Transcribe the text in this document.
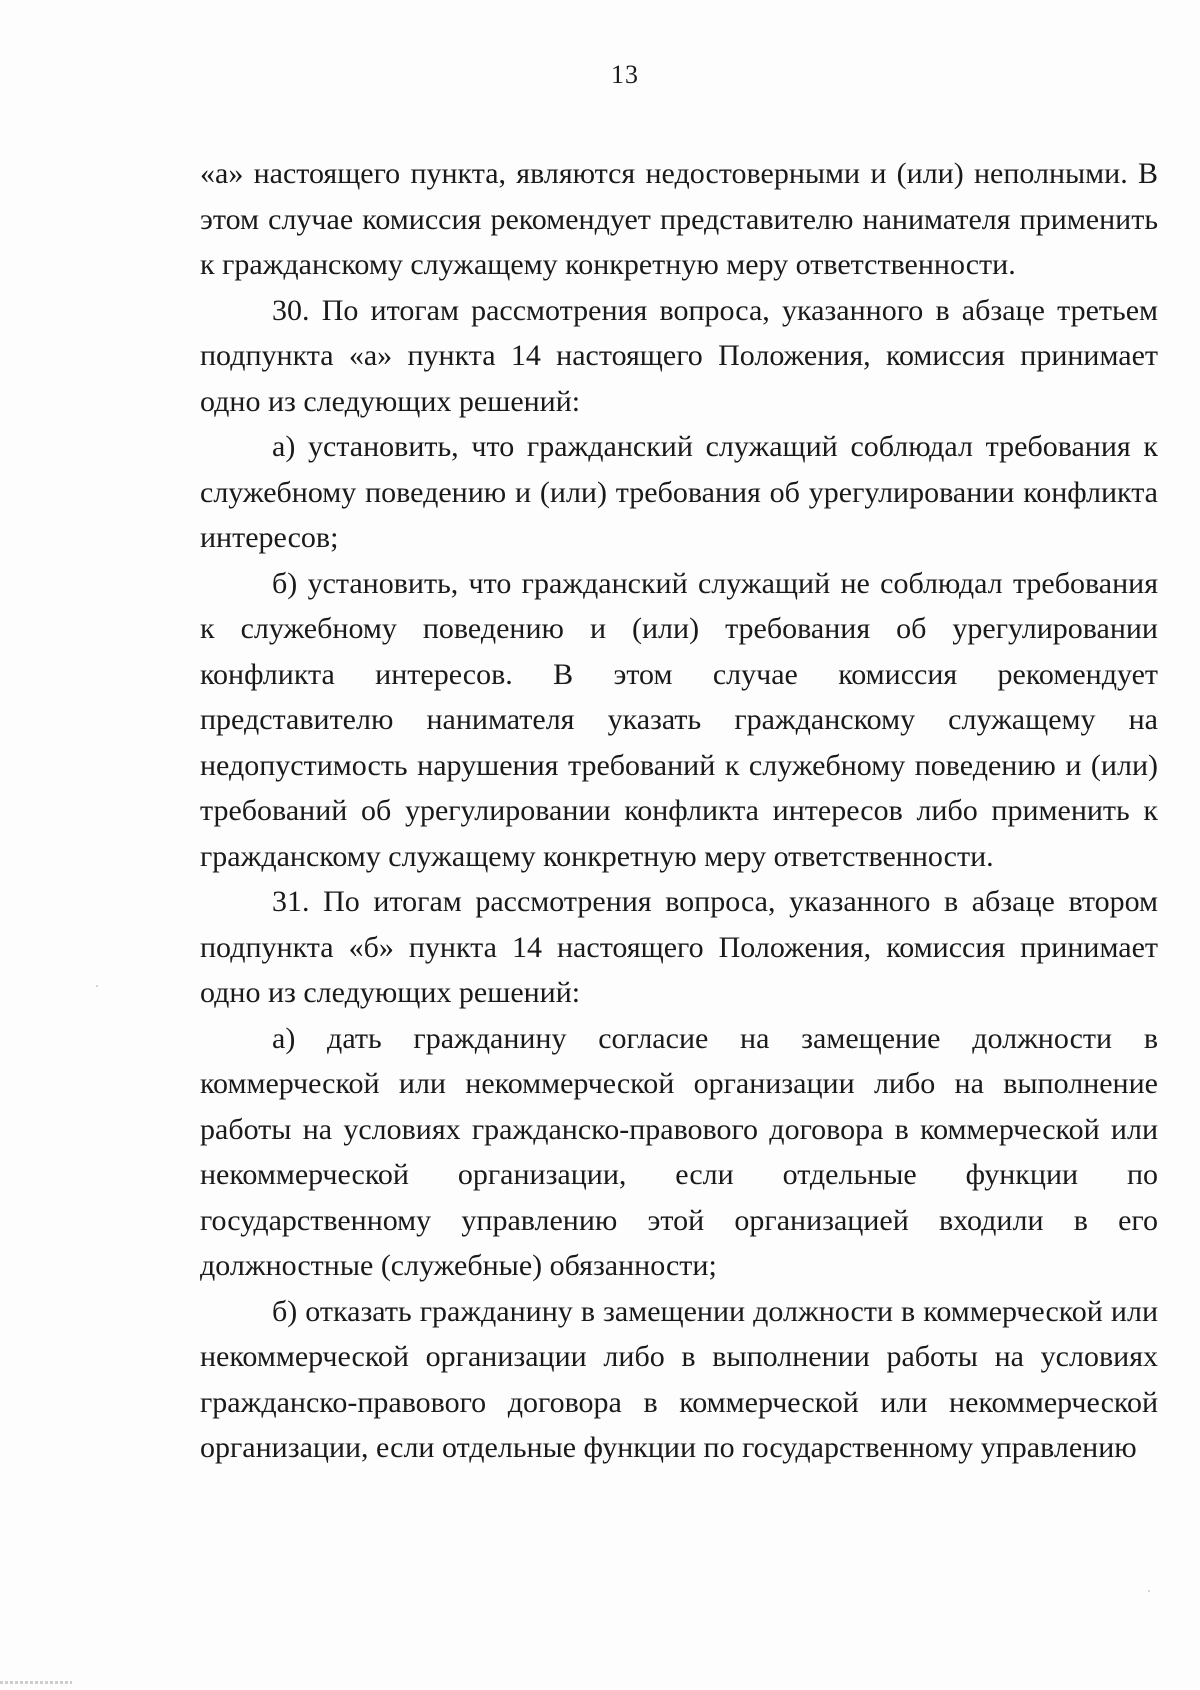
13

«а» настоящего пункта, являются недостоверными и (или) неполными. В этом случае комиссия рекомендует представителю нанимателя применить к гражданскому служащему конкретную меру ответственности.

30. По итогам рассмотрения вопроса, указанного в абзаце третьем подпункта «а» пункта 14 настоящего Положения, комиссия принимает одно из следующих решений:

а) установить, что гражданский служащий соблюдал требования к служебному поведению и (или) требования об урегулировании конфликта интересов;

б) установить, что гражданский служащий не соблюдал требования к служебному поведению и (или) требования об урегулировании конфликта интересов. В этом случае комиссия рекомендует представителю нанимателя указать гражданскому служащему на недопустимость нарушения требований к служебному поведению и (или) требований об урегулировании конфликта интересов либо применить к гражданскому служащему конкретную меру ответственности.

31. По итогам рассмотрения вопроса, указанного в абзаце втором подпункта «б» пункта 14 настоящего Положения, комиссия принимает одно из следующих решений:

а) дать гражданину согласие на замещение должности в коммерческой или некоммерческой организации либо на выполнение работы на условиях гражданско-правового договора в коммерческой или некоммерческой организации, если отдельные функции по государственному управлению этой организацией входили в его должностные (служебные) обязанности;

б) отказать гражданину в замещении должности в коммерческой или некоммерческой организации либо в выполнении работы на условиях гражданско-правового договора в коммерческой или некоммерческой организации, если отдельные функции по государственному управлению
